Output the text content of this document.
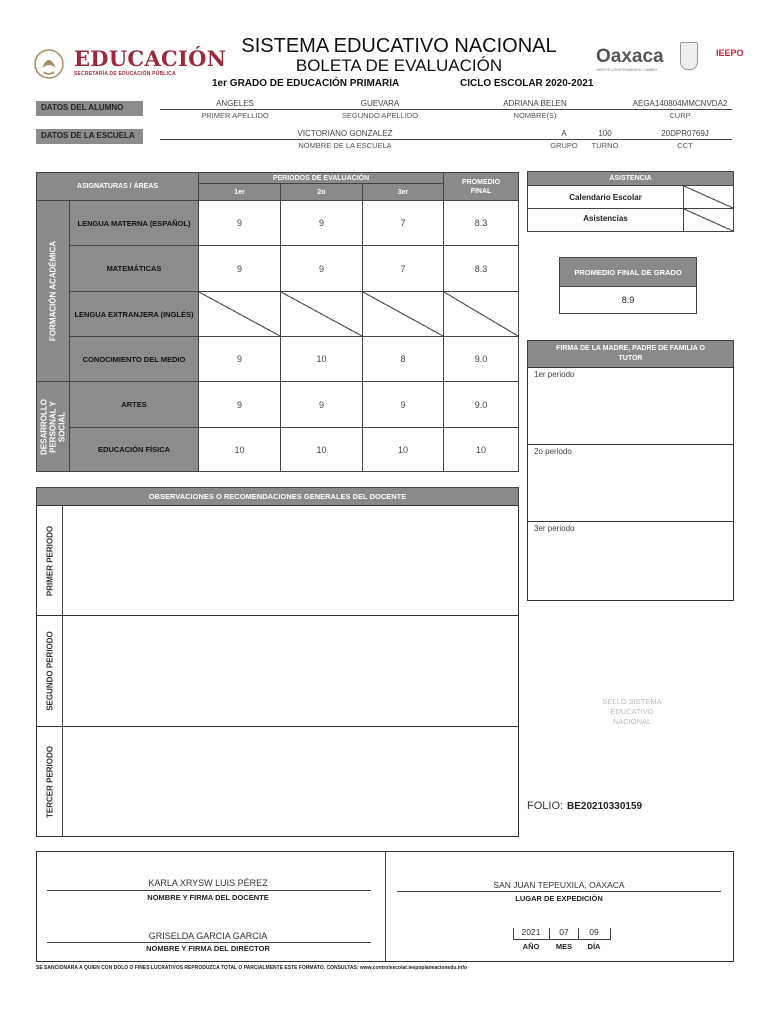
EDUCACIÓN
SECRETARÍA DE EDUCACIÓN PÚBLICA
SISTEMA EDUCATIVO NACIONAL
BOLETA DE EVALUACIÓN
1er GRADO DE EDUCACIÓN PRIMARIA	CICLO ESCOLAR 2020-2021
Oaxaca
JUNTOS CONSTRUIMOS EL CAMBIO
IEEPO
DATOS DEL ALUMNO	ANGELES
PRIMER APELLIDO
GUEVARA
SEGUNDO APELLIDO
ADRIANA BELEN
NOMBRE(S)
AEGA140804MMCNVDA2
CURP
DATOS DE LA ESCUELA	VICTORIANO GONZALEZ
NOMBRE DE LA ESCUELA
A
GRUPO
100
TURNO
20DPR0769J
CCT
ASIGNATURAS / ÁREAS
PERIODOS DE EVALUACIÓN
1er	2o	3er
PROMEDIO FINAL
FORMACIÓN ACADÉMICA
DESARROLLO PERSONAL Y SOCIAL
LENGUA MATERNA (ESPAÑOL)	9	9	7	8.3
MATEMÁTICAS	9	9	7	8.3
LENGUA EXTRANJERA (INGLÉS)
CONOCIMIENTO DEL MEDIO	9	10	8	9.0
ARTES	9	9	9	9.0
EDUCACIÓN FÍSICA	10	10	10	10
ASISTENCIA
Calendario Escolar
Asistencias
PROMEDIO FINAL DE GRADO
8.9
FIRMA DE LA MADRE, PADRE DE FAMILIA O TUTOR
1er periodo
2o periodo
3er periodo
OBSERVACIONES O RECOMENDACIONES GENERALES DEL DOCENTE
PRIMER PERIODO
SEGUNDO PERIODO
TERCER PERIODO
SELLO SISTEMA EDUCATIVO NACIONAL
FOLIO: BE20210330159
KARLA XRYSW LUIS PÉREZ
NOMBRE Y FIRMA DEL DOCENTE
GRISELDA GARCIA GARCIA
NOMBRE Y FIRMA DEL DIRECTOR
SAN JUAN TEPEUXILA, OAXACA
LUGAR DE EXPEDICIÓN
2021	07	09
AÑO	MES	DÍA
SE SANCIONARÁ A QUIEN CON DOLO O FINES LUCRATIVOS REPRODUZCA TOTAL O PARCIALMENTE ESTE FORMATO. CONSULTAS: www.controlescolar.ieepoplaneacionedu.info
